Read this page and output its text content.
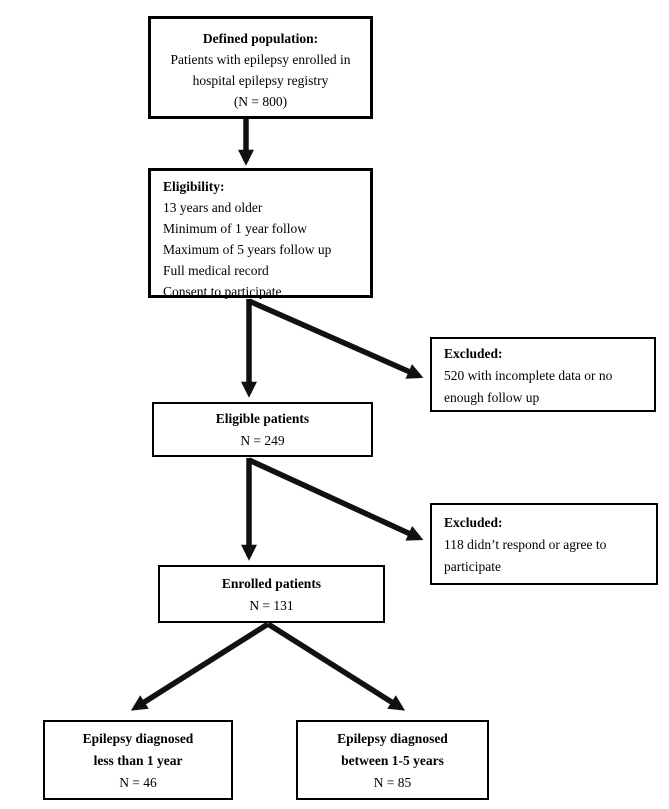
Defined population:
Patients with epilepsy enrolled in
hospital epilepsy registry
(N = 800)
Eligibility:
13 years and older
Minimum of 1 year follow
Maximum of 5 years follow up
Full medical record
Consent to participate
Excluded:
520 with incomplete data or no
enough follow up
Eligible patients
N = 249
Excluded:
118 didn’t respond or agree to
participate
Enrolled patients
N = 131
Epilepsy diagnosed
less than 1 year
N = 46
Epilepsy diagnosed
between 1-5 years
N = 85
